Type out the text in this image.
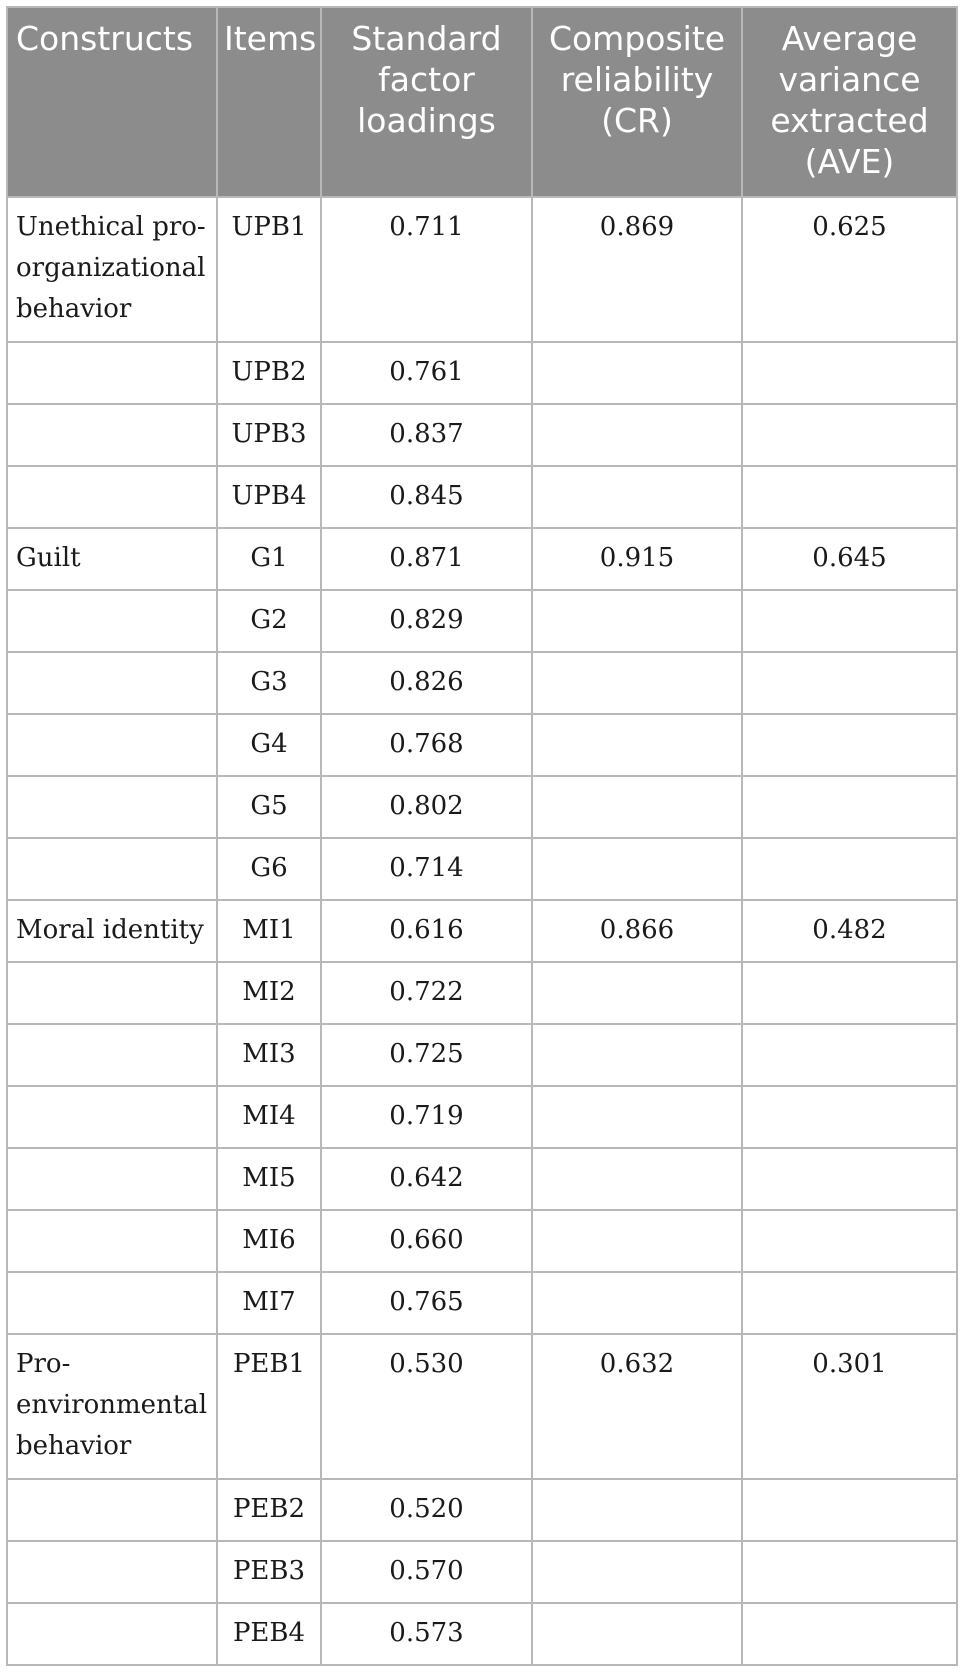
Constructs	Items	Standard factor loadings	Composite reliability (CR)	Average variance extracted (AVE)
Unethical pro-organizational behavior	UPB1	0.711	0.869	0.625
	UPB2	0.761		
	UPB3	0.837		
	UPB4	0.845		
Guilt	G1	0.871	0.915	0.645
	G2	0.829		
	G3	0.826		
	G4	0.768		
	G5	0.802		
	G6	0.714		
Moral identity	MI1	0.616	0.866	0.482
	MI2	0.722		
	MI3	0.725		
	MI4	0.719		
	MI5	0.642		
	MI6	0.660		
	MI7	0.765		
Pro-environmental behavior	PEB1	0.530	0.632	0.301
	PEB2	0.520		
	PEB3	0.570		
	PEB4	0.573		
